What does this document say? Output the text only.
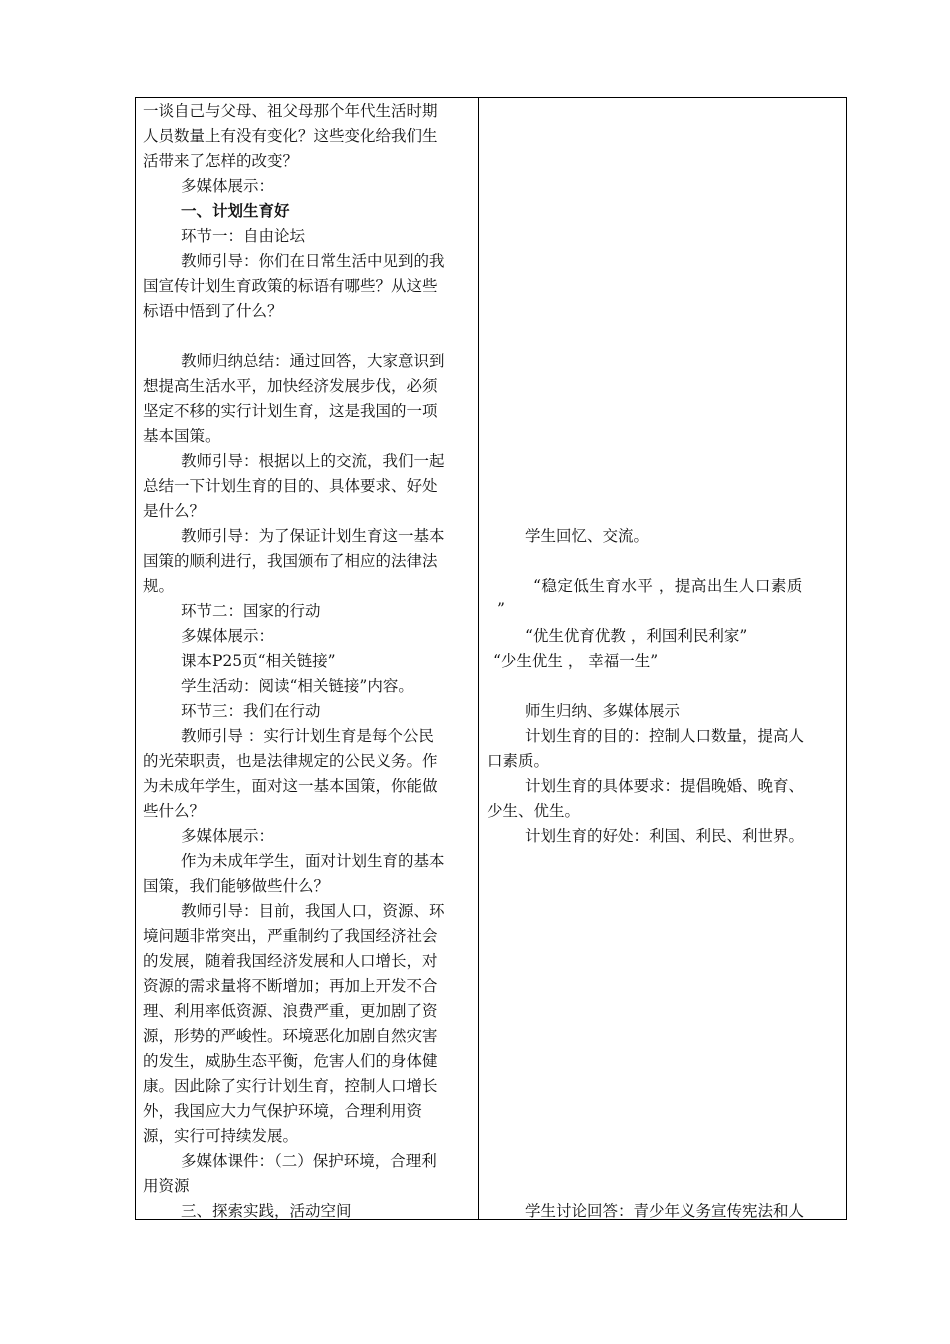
一谈自己与父母、祖父母那个年代生活时期
人员数量上有没有变化？这些变化给我们生
活带来了怎样的改变？
多媒体展示：
一、计划生育好
环节一：自由论坛
教师引导：你们在日常生活中见到的我
国宣传计划生育政策的标语有哪些？从这些
标语中悟到了什么？
教师归纳总结：通过回答，大家意识到
想提高生活水平，加快经济发展步伐，必须
坚定不移的实行计划生育，这是我国的一项
基本国策。
教师引导：根据以上的交流，我们一起
总结一下计划生育的目的、具体要求、好处
是什么？
教师引导：为了保证计划生育这一基本
国策的顺利进行，我国颁布了相应的法律法
规。
环节二：国家的行动
多媒体展示：
课本P25页“相关链接”
学生活动：阅读“相关链接”内容。
环节三：我们在行动
教师引导 ：实行计划生育是每个公民
的光荣职责，也是法律规定的公民义务。作
为未成年学生，面对这一基本国策，你能做
些什么？
多媒体展示：
作为未成年学生，面对计划生育的基本
国策，我们能够做些什么？
教师引导：目前，我国人口，资源、环
境问题非常突出，严重制约了我国经济社会
的发展，随着我国经济发展和人口增长，对
资源的需求量将不断增加；再加上开发不合
理、利用率低资源、浪费严重，更加剧了资
源，形势的严峻性。环境恶化加剧自然灾害
的发生，威胁生态平衡，危害人们的身体健
康。因此除了实行计划生育，控制人口增长
外，我国应大力气保护环境，合理利用资
源，实行可持续发展。
多媒体课件：（二）保护环境，合理利
用资源
三、探索实践，活动空间
学生回忆、交流。
“稳定低生育水平 ，提高出生人口素质
”
“优生优育优教 ，利国利民利家”
“少生优生 ， 幸福一生”
师生归纳、多媒体展示
计划生育的目的：控制人口数量，提高人
口素质。
计划生育的具体要求：提倡晚婚、晚育、
少生、优生。
计划生育的好处：利国、利民、利世界。
学生讨论回答：青少年义务宣传宪法和人
